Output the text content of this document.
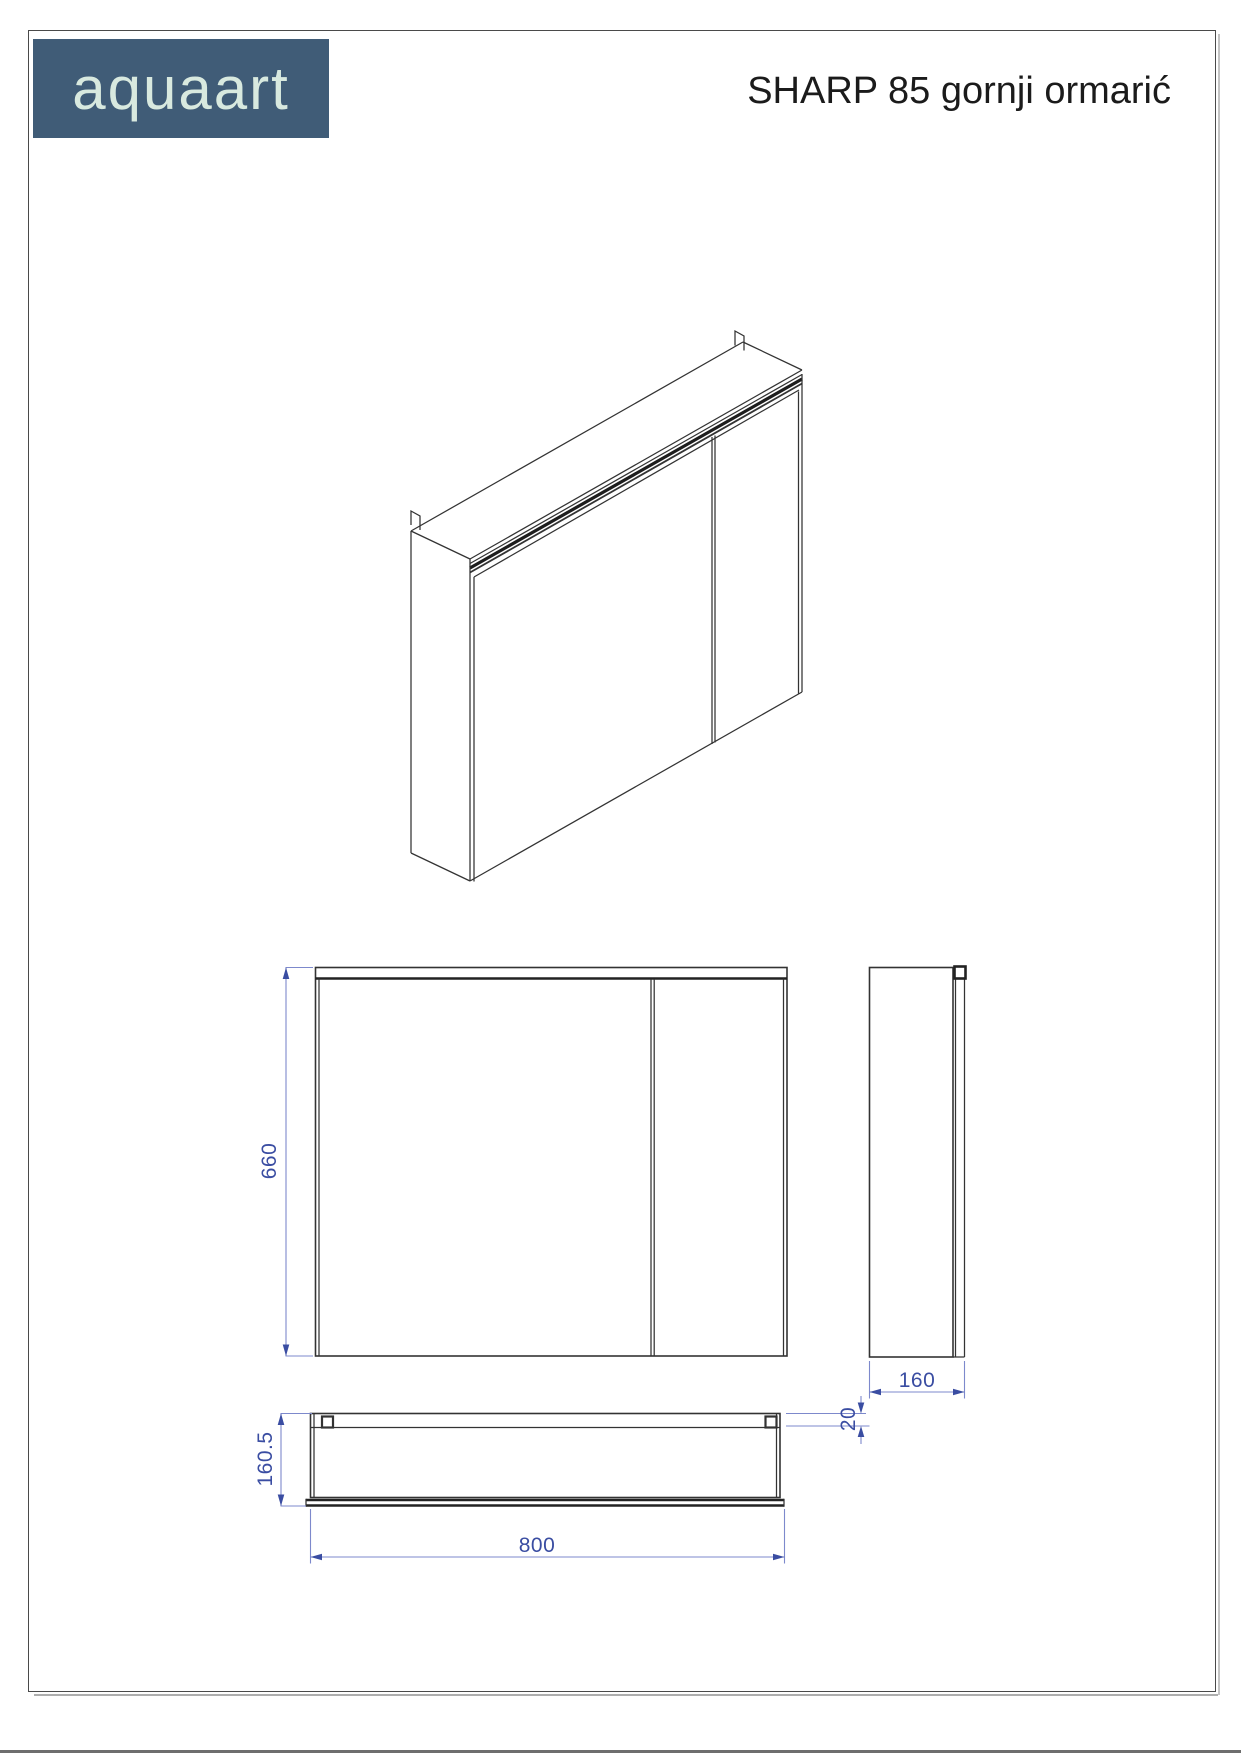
aquaart	SHARP 85 gornji ormarić
660
160
160.5
20
800
